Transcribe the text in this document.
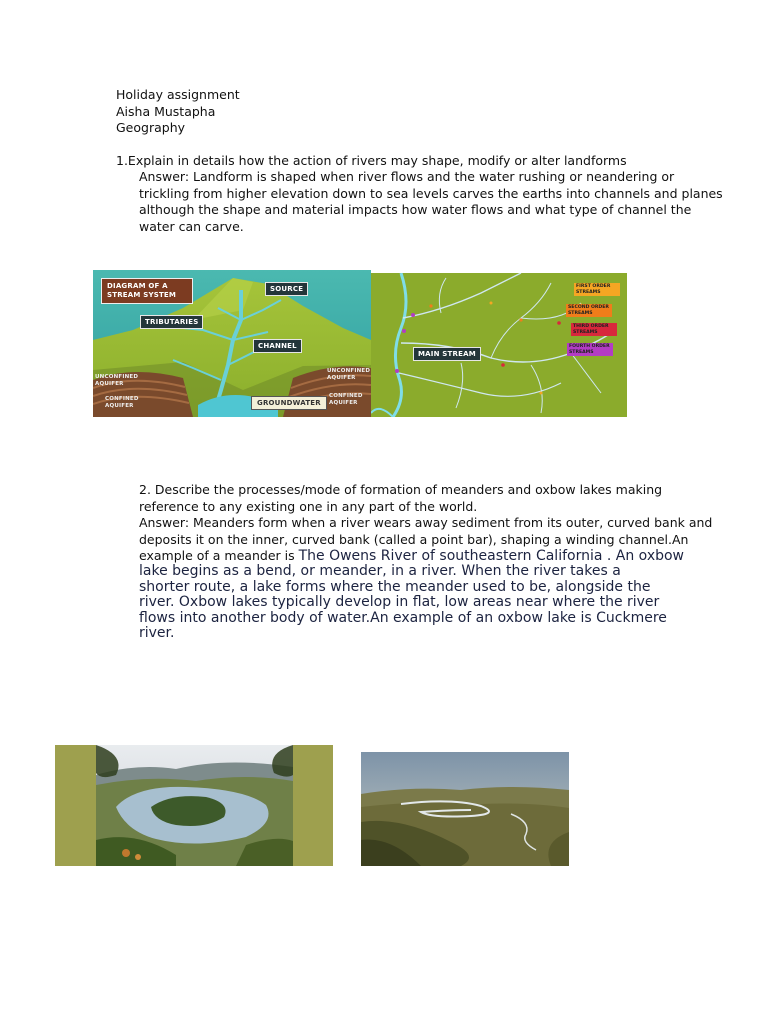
Holiday assignment
Aisha Mustapha
Geography
1.Explain in details how the action of rivers may shape, modify or alter landforms
Answer: Landform is shaped when river flows and the water rushing or neandering or
trickling from higher elevation down to sea levels carves the earths into channels and planes
although the shape and material impacts how water flows and what type of channel the
water can carve.
DIAGRAM OF A STREAM SYSTEM
SOURCE
TRIBUTARIES
CHANNEL
GROUNDWATER
UNCONFINED AQUIFER
CONFINED AQUIFER
UNCONFINED AQUIFER
CONFINED AQUIFER
MAIN STREAM
FIRST ORDER STREAMS
SECOND ORDER STREAMS
THIRD ORDER STREAMS
FOURTH ORDER STREAMS
2. Describe the processes/mode of formation of meanders and oxbow lakes making
reference to any existing one in any part of the world.
Answer: Meanders form when a river wears away sediment from its outer, curved bank and
deposits it on the inner, curved bank (called a point bar), shaping a winding channel.An
example of a meander is The Owens River of southeastern California . An oxbow
lake begins as a bend, or meander, in a river. When the river takes a
shorter route, a lake forms where the meander used to be, alongside the
river. Oxbow lakes typically develop in flat, low areas near where the river
flows into another body of water.An example of an oxbow lake is Cuckmere
river.
